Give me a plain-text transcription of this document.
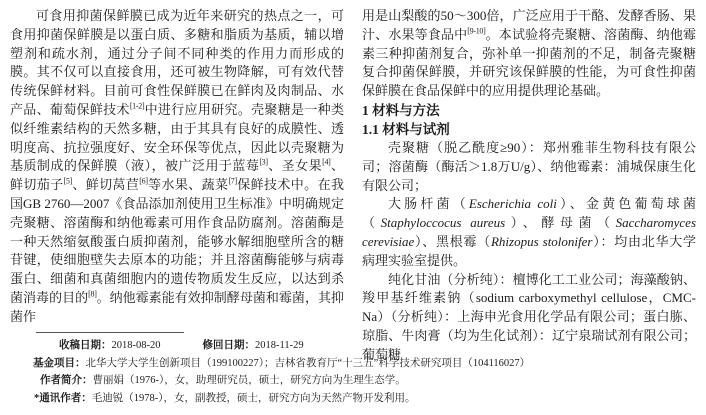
可食用抑菌保鲜膜已成为近年来研究的热点之一，可食用抑菌保鲜膜是以蛋白质、多糖和脂质为基质，辅以增塑剂和疏水剂，通过分子间不同种类的作用力而形成的膜。其不仅可以直接食用，还可被生物降解，可有效代替传统保鲜材料。目前可食性保鲜膜已在鲜肉及肉制品、水产品、葡萄保鲜技术[1-2]中进行应用研究。壳聚糖是一种类似纤维素结构的天然多糖，由于其具有良好的成膜性、透明度高、抗拉强度好、安全环保等优点，因此以壳聚糖为基质制成的保鲜膜（液），被广泛用于蓝莓[3]、圣女果[4]、鲜切茄子[5]、鲜切莴苣[6]等水果、蔬菜[7]保鲜技术中。在我国GB 2760—2007《食品添加剂使用卫生标准》中明确规定壳聚糖、溶菌酶和纳他霉素可用作食品防腐剂。溶菌酶是一种天然缩氨酸蛋白质抑菌剂，能够水解细胞壁所含的糖苷键，使细胞壁失去原本的功能；并且溶菌酶能够与病毒蛋白、细菌和真菌细胞内的遗传物质发生反应，以达到杀菌消毒的目的[8]。纳他霉素能有效抑制酵母菌和霉菌，其抑菌作

用是山梨酸的50～300倍，广泛应用于干酪、发酵香肠、果汁、水果等食品中[9-10]。本试验将壳聚糖、溶菌酶、纳他霉素三种抑菌剂复合，弥补单一抑菌剂的不足，制备壳聚糖复合抑菌保鲜膜，并研究该保鲜膜的性能，为可食性抑菌保鲜膜在食品保鲜中的应用提供理论基础。

1 材料与方法
1.1 材料与试剂

壳聚糖（脱乙酰度≥90）：郑州雅菲生物科技有限公司；溶菌酶（酶活＞1.8万U/g）、纳他霉素：浦城保康生化有限公司；

大肠杆菌（Escherichia coli）、金黄色葡萄球菌（Staphyloccocus aureus）、酵母菌（Saccharomyces cerevisiae）、黑根霉（Rhizopus stolonifer）：均由北华大学病理实验室提供。

纯化甘油（分析纯）：檀博化工工业公司；海藻酸钠、羧甲基纤维素钠（sodium carboxymethyl cellulose，CMC-Na）（分析纯）：上海申光食用化学品有限公司；蛋白胨、琼脂、牛肉膏（均为生化试剂）：辽宁泉瑞试剂有限公司；葡萄糖

收稿日期：2018-08-20	修回日期：2018-11-29
基金项目：北华大学大学生创新项目（199100227）；吉林省教育厅“十三五”科学技术研究项目（104116027）
作者简介：曹丽娟（1976-），女，助理研究员，硕士，研究方向为生理生态学。
*通讯作者：毛迪锐（1978-），女，副教授，硕士，研究方向为天然产物开发利用。
